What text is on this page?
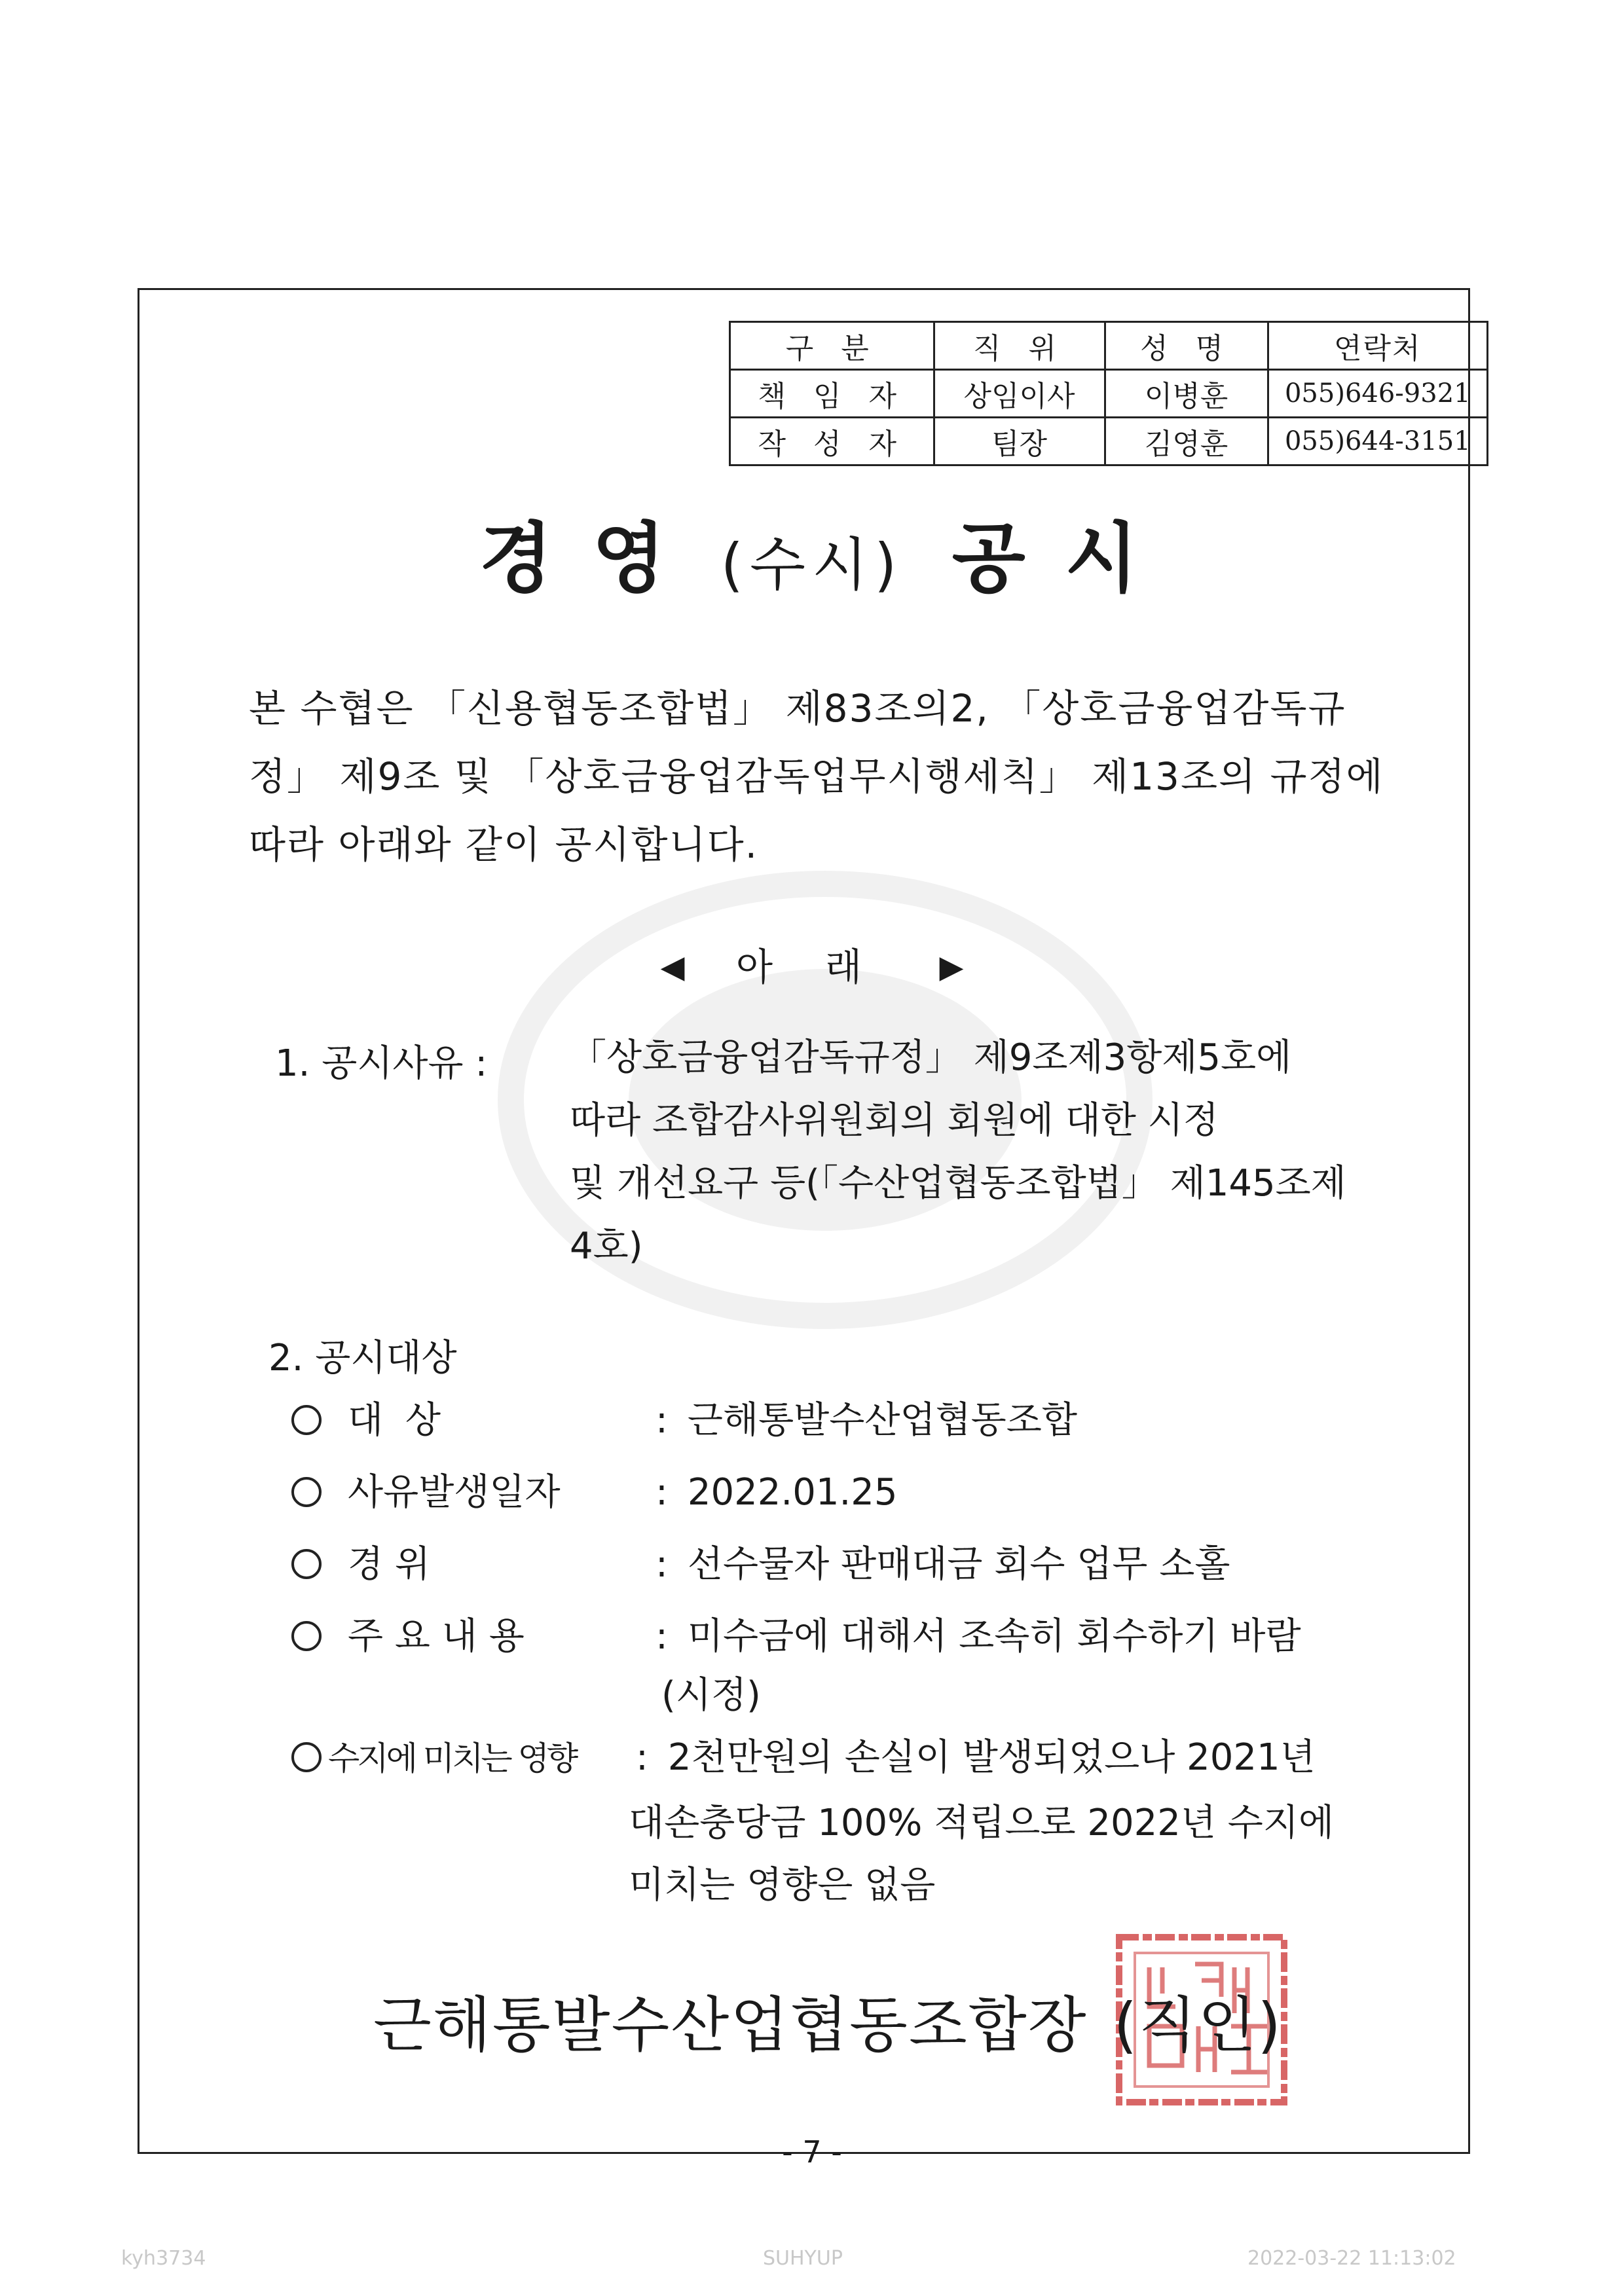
구 분	직 위	성 명	연락처
책 임 자	상임이사	이병훈	055)646-9321
작 성 자	팀장	김영훈	055)644-3151
경 영 (수시) 공 시
본 수협은 「신용협동조합법」 제83조의2, 「상호금융업감독규정」 제9조 및 「상호금융업감독업무시행세칙」 제13조의 규정에 따라 아래와 같이 공시합니다.
◀ 아래 ▶
1. 공시사유 : 「상호금융업감독규정」 제9조제3항제5호에
따라 조합감사위원회의 회원에 대한 시정
및 개선요구 등(「수산업협동조합법」 제145조제
4호)
2. 공시대상
대 상	: 근해통발수산업협동조합
사유발생일자	: 2022.01.25
경 위	: 선수물자 판매대금 회수 업무 소홀
주 요 내 용	: 미수금에 대해서 조속히 회수하기 바람
(시정)
수지에 미치는 영향 : 2천만원의 손실이 발생되었으나 2021년
대손충당금 100% 적립으로 2022년 수지에
미치는 영향은 없음
근해통발수산업협동조합장 (직인)
- 7 -
kyh3734	SUHYUP	2022-03-22 11:13:02
